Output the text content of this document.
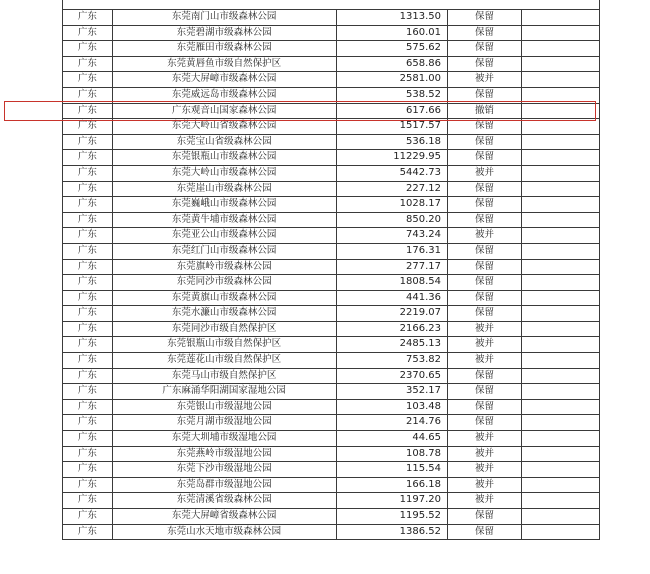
广东	东莞南门山市级森林公园	1313.50	保留	
广东	东莞碧湖市级森林公园	160.01	保留	
广东	东莞雁田市级森林公园	575.62	保留	
广东	东莞黄唇鱼市级自然保护区	658.86	保留	
广东	东莞大屏嶂市级森林公园	2581.00	被并	
广东	东莞威远岛市级森林公园	538.52	保留	
广东	广东观音山国家森林公园	617.66	撤销	
广东	东莞大岭山省级森林公园	1517.57	保留	
广东	东莞宝山省级森林公园	536.18	保留	
广东	东莞银瓶山市级森林公园	11229.95	保留	
广东	东莞大岭山市级森林公园	5442.73	被并	
广东	东莞崖山市级森林公园	227.12	保留	
广东	东莞巍峨山市级森林公园	1028.17	保留	
广东	东莞黄牛埔市级森林公园	850.20	保留	
广东	东莞亚公山市级森林公园	743.24	被并	
广东	东莞红门山市级森林公园	176.31	保留	
广东	东莞旗岭市级森林公园	277.17	保留	
广东	东莞同沙市级森林公园	1808.54	保留	
广东	东莞黄旗山市级森林公园	441.36	保留	
广东	东莞水濂山市级森林公园	2219.07	保留	
广东	东莞同沙市级自然保护区	2166.23	被并	
广东	东莞银瓶山市级自然保护区	2485.13	被并	
广东	东莞莲花山市级自然保护区	753.82	被并	
广东	东莞马山市级自然保护区	2370.65	保留	
广东	广东麻涌华阳湖国家湿地公园	352.17	保留	
广东	东莞银山市级湿地公园	103.48	保留	
广东	东莞月湖市级湿地公园	214.76	保留	
广东	东莞大圳埔市级湿地公园	44.65	被并	
广东	东莞燕岭市级湿地公园	108.78	被并	
广东	东莞下沙市级湿地公园	115.54	被并	
广东	东莞岛群市级湿地公园	166.18	被并	
广东	东莞清溪省级森林公园	1197.20	被并	
广东	东莞大屏嶂省级森林公园	1195.52	保留	
广东	东莞山水天地市级森林公园	1386.52	保留	
